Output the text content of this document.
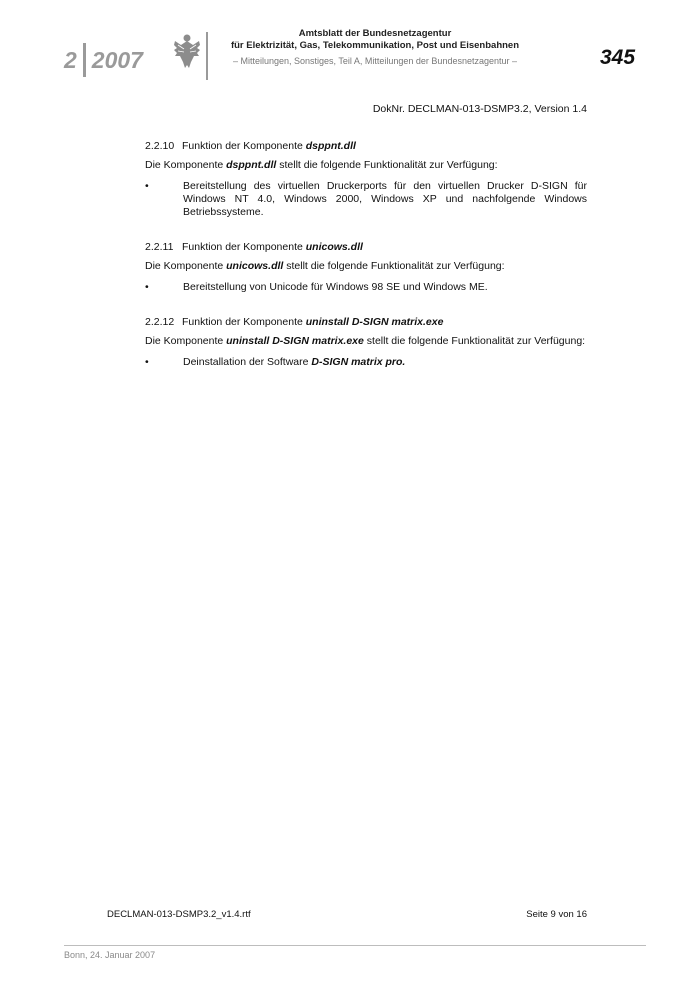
2 2007
Amtsblatt der Bundesnetzagentur
für Elektrizität, Gas, Telekommunikation, Post und Eisenbahnen
– Mitteilungen, Sonstiges, Teil A, Mitteilungen der Bundesnetzagentur –	345
DokNr. DECLMAN-013-DSMP3.2, Version 1.4
2.2.10 Funktion der Komponente dsppnt.dll
Die Komponente dsppnt.dll stellt die folgende Funktionalität zur Verfügung:
•	Bereitstellung des virtuellen Druckerports für den virtuellen Drucker D-SIGN für Windows NT 4.0, Windows 2000, Windows XP und nachfolgende Windows Betriebssysteme.
2.2.11 Funktion der Komponente unicows.dll
Die Komponente unicows.dll stellt die folgende Funktionalität zur Verfügung:
•	Bereitstellung von Unicode für Windows 98 SE und Windows ME.
2.2.12 Funktion der Komponente uninstall D-SIGN matrix.exe
Die Komponente uninstall D-SIGN matrix.exe stellt die folgende Funktionalität zur Verfügung:
•	Deinstallation der Software D-SIGN matrix pro.
DECLMAN-013-DSMP3.2_v1.4.rtf	Seite 9 von 16
Bonn, 24. Januar 2007
